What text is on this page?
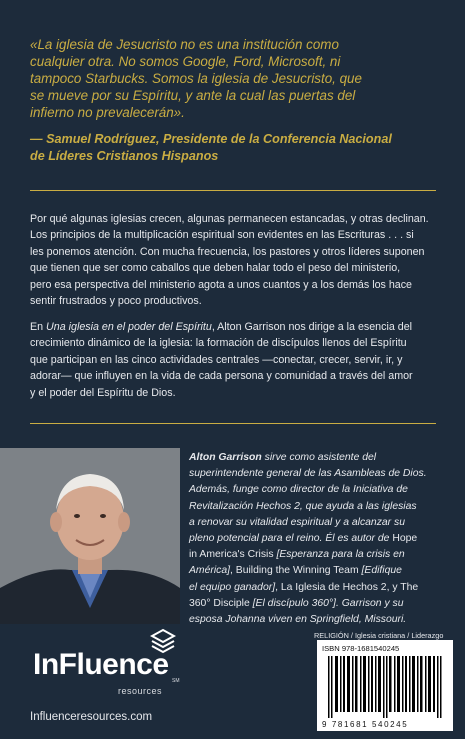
«La iglesia de Jesucristo no es una institución como
cualquier otra. No somos Google, Ford, Microsoft, ni
tampoco Starbucks. Somos la iglesia de Jesucristo, que
se mueve por su Espíritu, y ante la cual las puertas del
infierno no prevalecerán».
— Samuel Rodríguez, Presidente de la Conferencia Nacional
de Líderes Cristianos Hispanos
Por qué algunas iglesias crecen, algunas permanecen estancadas, y otras declinan.
Los principios de la multiplicación espiritual son evidentes en las Escrituras . . . si
les ponemos atención. Con mucha frecuencia, los pastores y otros líderes suponen
que tienen que ser como caballos que deben halar todo el peso del ministerio,
pero esa perspectiva del ministerio agota a unos cuantos y a los demás los hace
sentir frustrados y poco productivos.
En Una iglesia en el poder del Espíritu, Alton Garrison nos dirige a la esencia del
crecimiento dinámico de la iglesia: la formación de discípulos llenos del Espíritu
que participan en las cinco actividades centrales —conectar, crecer, servir, ir, y
adorar— que influyen en la vida de cada persona y comunidad a través del amor
y el poder del Espíritu de Dios.
Alton Garrison sirve como asistente del
superintendente general de las Asambleas de Dios.
Además, funge como director de la Iniciativa de
Revitalización Hechos 2, que ayuda a las iglesias
a renovar su vitalidad espiritual y a alcanzar su
pleno potencial para el reino. Él es autor de Hope
in America's Crisis [Esperanza para la crisis en
América], Building the Winning Team [Edifique
el equipo ganador], La Iglesia de Hechos 2, y The
360° Disciple [El discípulo 360°]. Garrison y su
esposa Johanna viven en Springfield, Missouri.
InFluence SM
resources
Influenceresources.com
RELIGIÓN / Iglesia cristiana / Liderazgo
ISBN 978-1681540245
9 781681 540245
